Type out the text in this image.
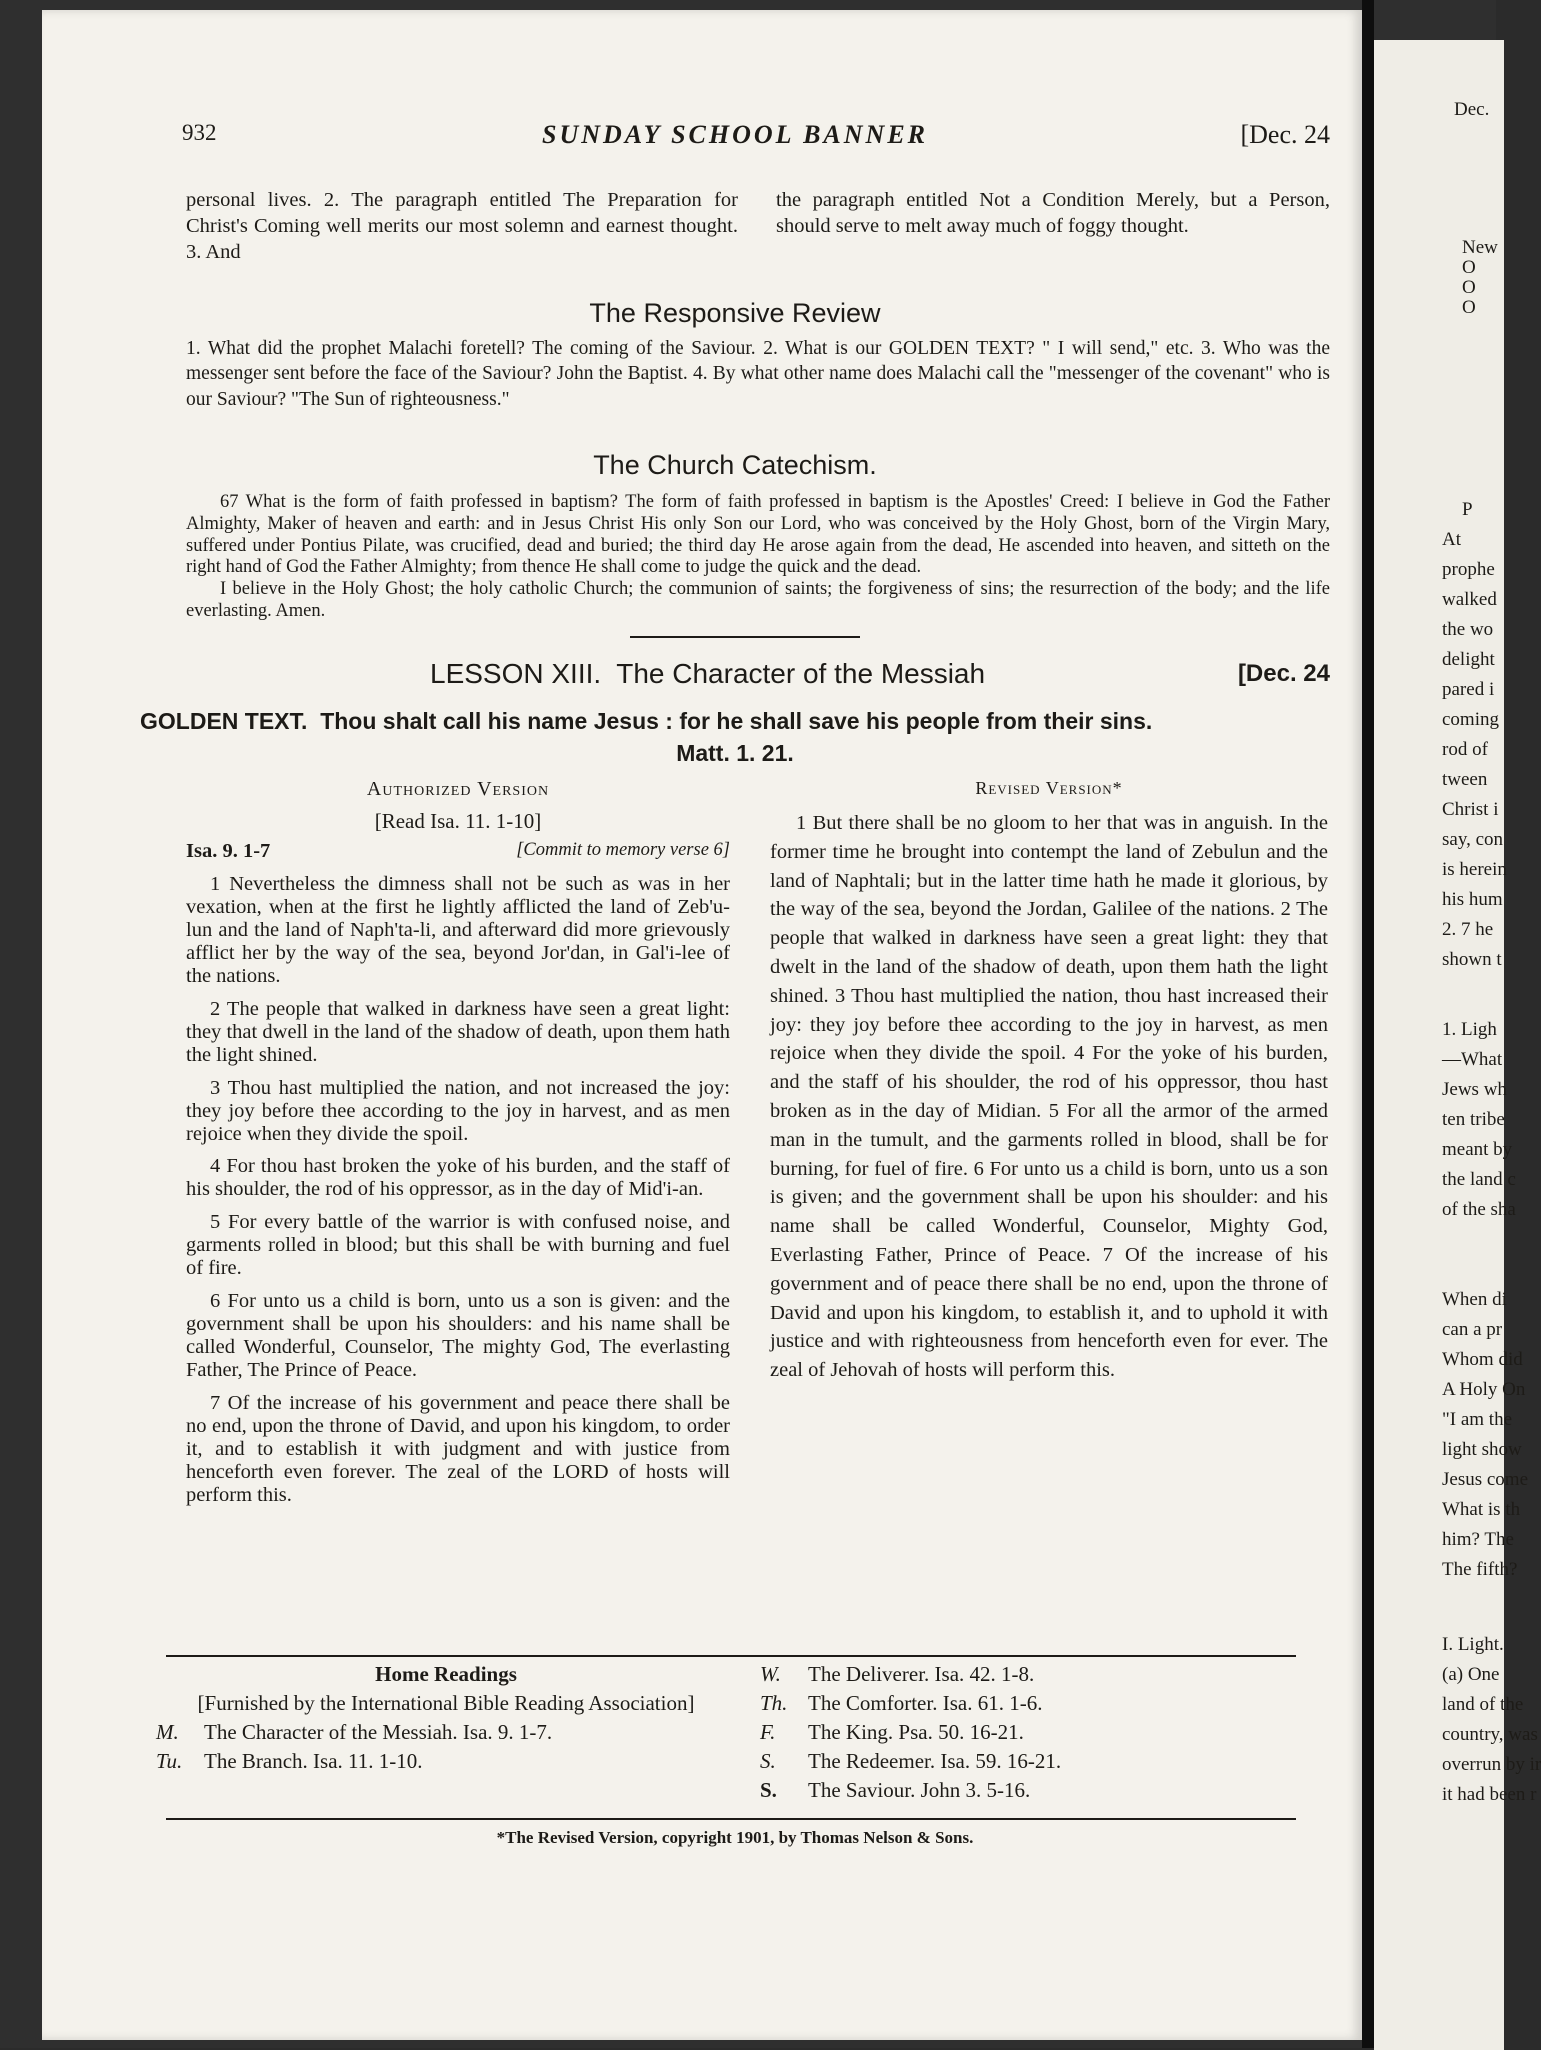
Dec.
New
O
O
O
P
At
prophe
walked
the wo
delight
pared i
coming
rod of
tween
Christ i
say, con
is herein
his hum
2. 7 he
shown t
1. Ligh
—What
Jews wh
ten tribe
meant by
the land c
of the sha
When di
can a pr
Whom did
A Holy On
"I am the
light show
Jesus come
What is th
him? The
The fifth?
I. Light.
(a) One
land of the
country, was
overrun by ir
it had been r
932	SUNDAY SCHOOL BANNER	[Dec. 24

personal lives. 2. The paragraph entitled The Preparation for Christ's Coming well merits our most solemn and earnest thought. 3. And

the paragraph entitled Not a Condition Merely, but a Person, should serve to melt away much of foggy thought.

The Responsive Review

1. What did the prophet Malachi foretell? The coming of the Saviour. 2. What is our GOLDEN TEXT? " I will send," etc. 3. Who was the messenger sent before the face of the Saviour? John the Baptist. 4. By what other name does Malachi call the "messenger of the covenant" who is our Saviour? "The Sun of righteousness."

The Church Catechism.

67 What is the form of faith professed in baptism? The form of faith professed in baptism is the Apostles' Creed: I believe in God the Father Almighty, Maker of heaven and earth: and in Jesus Christ His only Son our Lord, who was conceived by the Holy Ghost, born of the Virgin Mary, suffered under Pontius Pilate, was crucified, dead and buried; the third day He arose again from the dead, He ascended into heaven, and sitteth on the right hand of God the Father Almighty; from thence He shall come to judge the quick and the dead.

I believe in the Holy Ghost; the holy catholic Church; the communion of saints; the forgiveness of sins; the resurrection of the body; and the life everlasting. Amen.

LESSON XIII. The Character of the Messiah	[Dec. 24
GOLDEN TEXT. Thou shalt call his name Jesus : for he shall save his people from their sins.
Matt. 1. 21.
Authorized Version
[Read Isa. 11. 1-10]
Isa. 9. 1-7	[Commit to memory verse 6]

1 Nevertheless the dimness shall not be such as was in her vexation, when at the first he lightly afflicted the land of Zeb'u-lun and the land of Naph'ta-li, and afterward did more grievously afflict her by the way of the sea, beyond Jor'dan, in Gal'i-lee of the nations.

2 The people that walked in darkness have seen a great light: they that dwell in the land of the shadow of death, upon them hath the light shined.

3 Thou hast multiplied the nation, and not increased the joy: they joy before thee according to the joy in harvest, and as men rejoice when they divide the spoil.

4 For thou hast broken the yoke of his burden, and the staff of his shoulder, the rod of his oppressor, as in the day of Mid'i-an.

5 For every battle of the warrior is with confused noise, and garments rolled in blood; but this shall be with burning and fuel of fire.

6 For unto us a child is born, unto us a son is given: and the government shall be upon his shoulders: and his name shall be called Wonderful, Counselor, The mighty God, The everlasting Father, The Prince of Peace.

7 Of the increase of his government and peace there shall be no end, upon the throne of David, and upon his kingdom, to order it, and to establish it with judgment and with justice from henceforth even forever. The zeal of the LORD of hosts will perform this.

Revised Version*

1 But there shall be no gloom to her that was in anguish. In the former time he brought into contempt the land of Zebulun and the land of Naphtali; but in the latter time hath he made it glorious, by the way of the sea, beyond the Jordan, Galilee of the nations. 2 The people that walked in darkness have seen a great light: they that dwelt in the land of the shadow of death, upon them hath the light shined. 3 Thou hast multiplied the nation, thou hast increased their joy: they joy before thee according to the joy in harvest, as men rejoice when they divide the spoil. 4 For the yoke of his burden, and the staff of his shoulder, the rod of his oppressor, thou hast broken as in the day of Midian. 5 For all the armor of the armed man in the tumult, and the garments rolled in blood, shall be for burning, for fuel of fire. 6 For unto us a child is born, unto us a son is given; and the government shall be upon his shoulder: and his name shall be called Wonderful, Counselor, Mighty God, Everlasting Father, Prince of Peace. 7 Of the increase of his government and of peace there shall be no end, upon the throne of David and upon his kingdom, to establish it, and to uphold it with justice and with righteousness from henceforth even for ever. The zeal of Jehovah of hosts will perform this.

Home Readings
[Furnished by the International Bible Reading Association]
M.	The Character of the Messiah. Isa. 9. 1-7.
Tu.	The Branch. Isa. 11. 1-10.
W.	The Deliverer. Isa. 42. 1-8.
Th. The Comforter. Isa. 61. 1-6.
F.	The King. Psa. 50. 16-21.
S.	The Redeemer. Isa. 59. 16-21.
S.	The Saviour. John 3. 5-16.
*The Revised Version, copyright 1901, by Thomas Nelson & Sons.
